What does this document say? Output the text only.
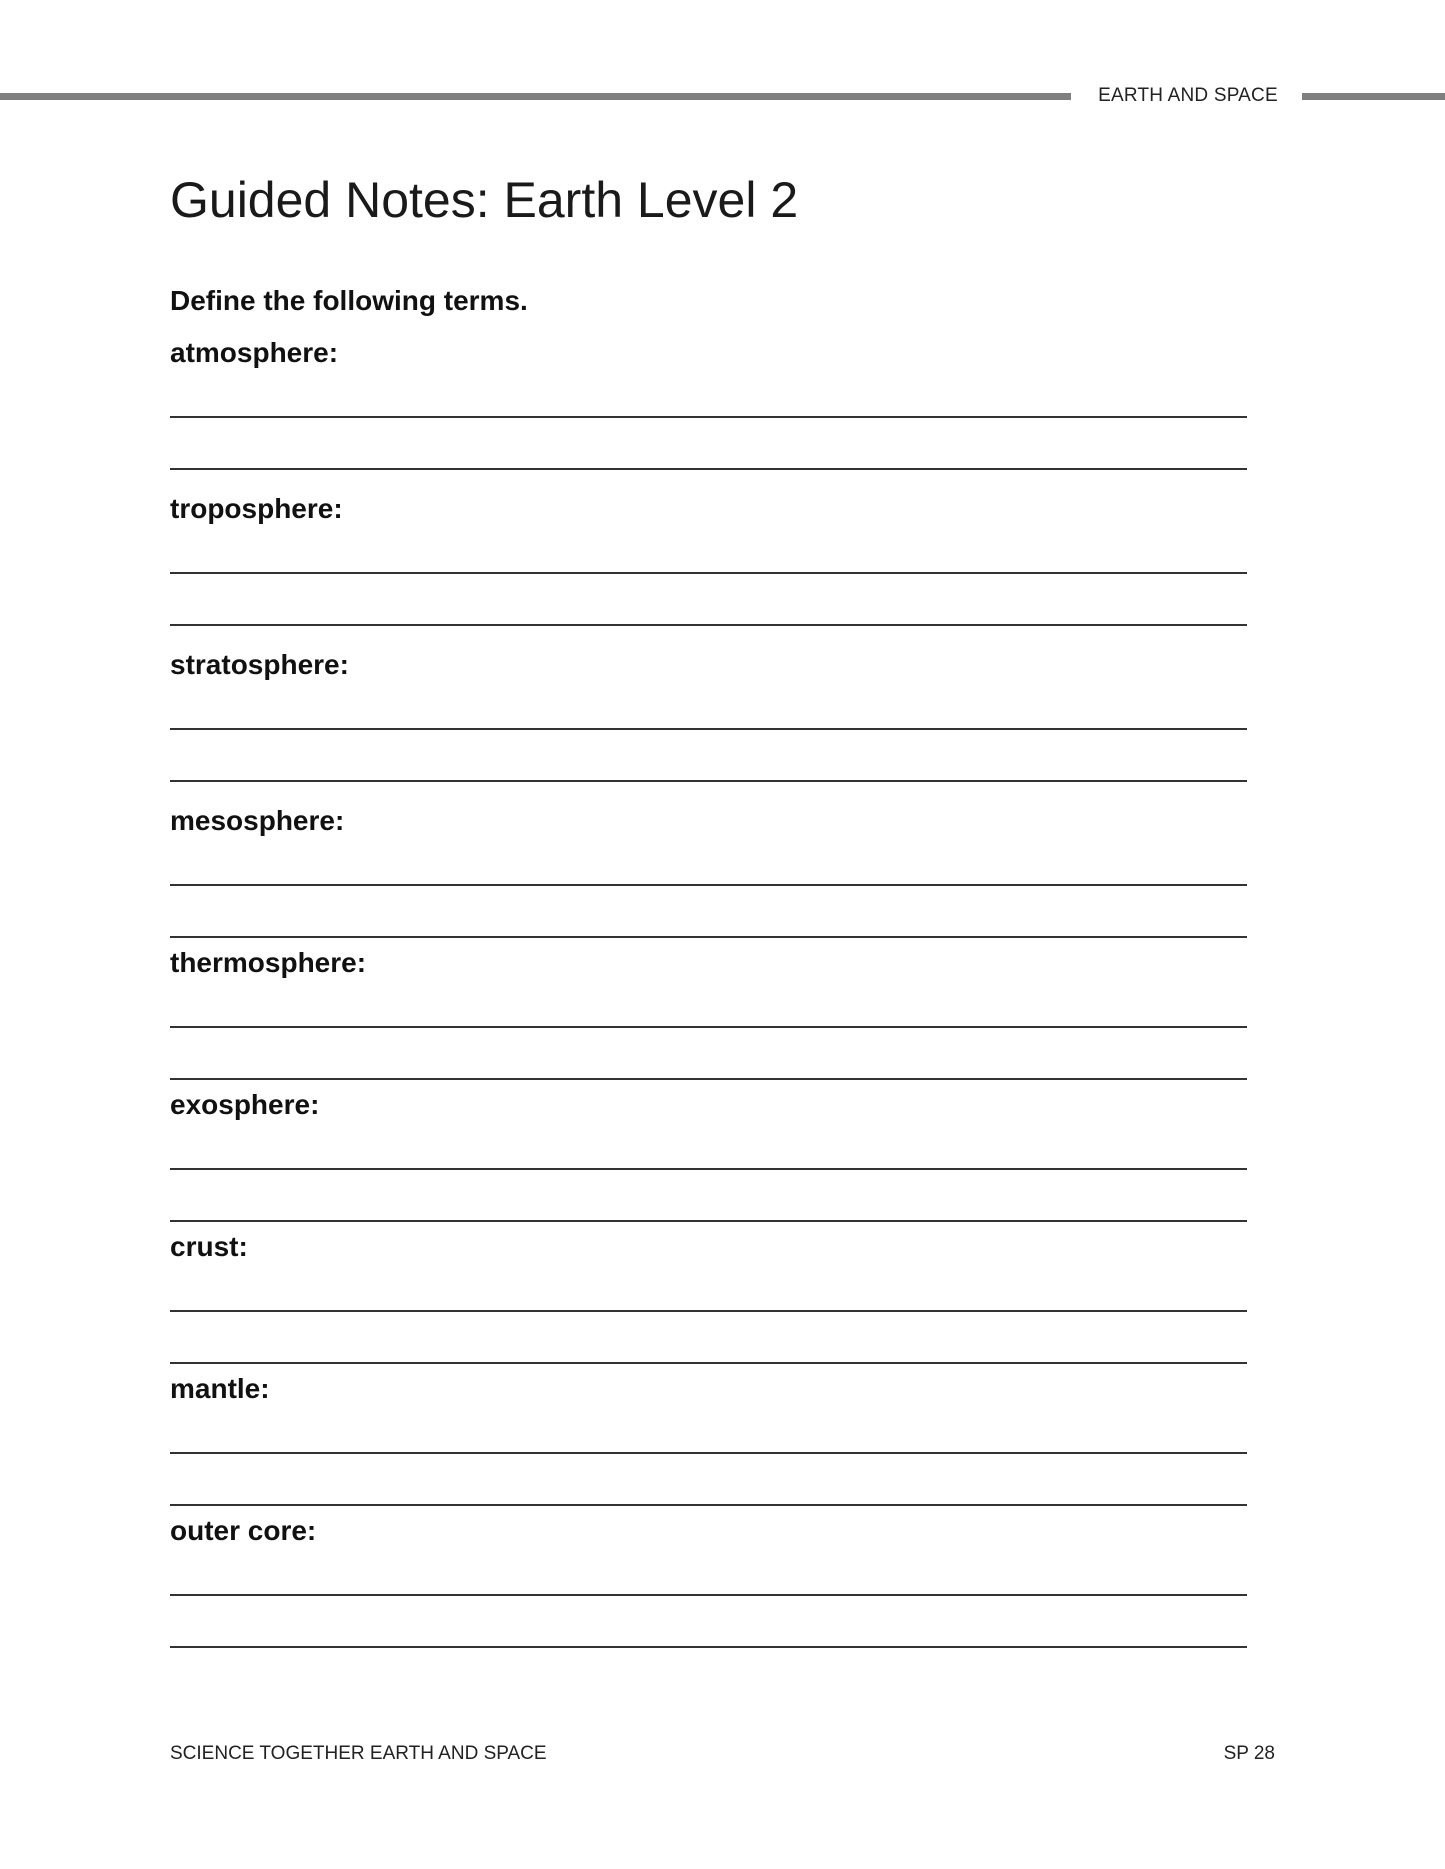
EARTH AND SPACE
Guided Notes: Earth Level 2
Define the following terms.
atmosphere:
troposphere:
stratosphere:
mesosphere:
thermosphere:
exosphere:
crust:
mantle:
outer core:
SCIENCE TOGETHER EARTH AND SPACE	SP 28
